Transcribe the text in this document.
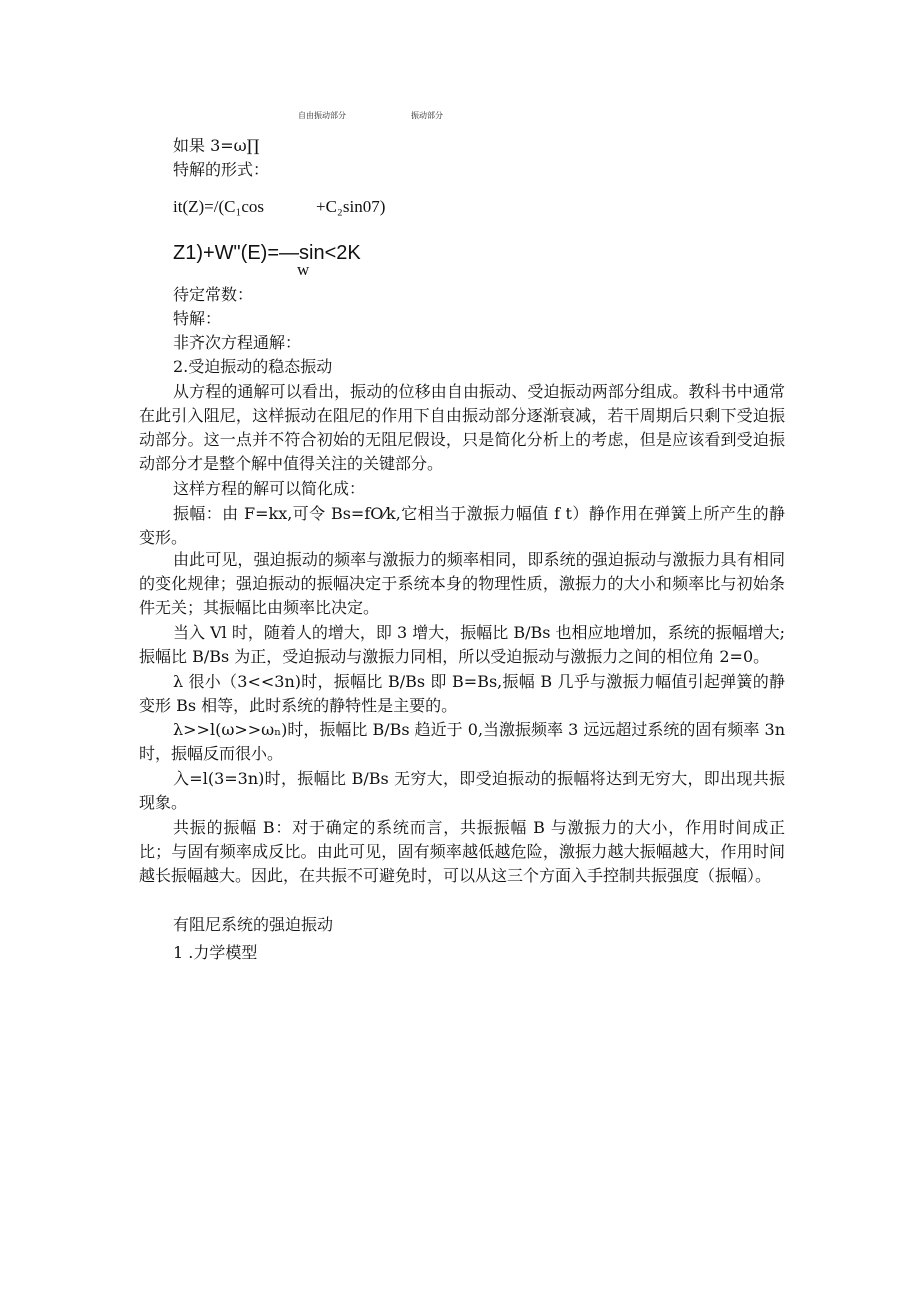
自由振动部分	振动部分
如果 3=ω∏
特解的形式：
it(Z)=/(C₁cos	+C₂sin07)
Z1)+W"(E)=—sin<2K
w
待定常数：
特解：
非齐次方程通解：
2.受迫振动的稳态振动
从方程的通解可以看出，振动的位移由自由振动、受迫振动两部分组成。教科书中通常在此引入阻尼，这样振动在阻尼的作用下自由振动部分逐渐衰减，若干周期后只剩下受迫振动部分。这一点并不符合初始的无阻尼假设，只是简化分析上的考虑，但是应该看到受迫振动部分才是整个解中值得关注的关键部分。
这样方程的解可以简化成：
振幅：由 F=kx,可令 Bs=fO⁄k,它相当于激振力幅值 f t）静作用在弹簧上所产生的静变形。
由此可见，强迫振动的频率与激振力的频率相同，即系统的强迫振动与激振力具有相同的变化规律；强迫振动的振幅决定于系统本身的物理性质，激振力的大小和频率比与初始条件无关；其振幅比由频率比决定。
当入 Vl 时，随着人的增大，即 3 增大，振幅比 B/Bs 也相应地增加，系统的振幅增大; 振幅比 B/Bs 为正，受迫振动与激振力同相，所以受迫振动与激振力之间的相位角 2=0。
λ 很小（3<<3n)时，振幅比 B/Bs 即 B=Bs,振幅 B 几乎与激振力幅值引起弹簧的静变形 Bs 相等，此时系统的静特性是主要的。
λ>>l(ω>>ωₙ)时，振幅比 B/Bs 趋近于 0,当激振频率 3 远远超过系统的固有频率 3n 时，振幅反而很小。
入=l(3=3n)时，振幅比 B/Bs 无穷大，即受迫振动的振幅将达到无穷大，即出现共振现象。
共振的振幅 B：对于确定的系统而言，共振振幅 B 与激振力的大小，作用时间成正比；与固有频率成反比。由此可见，固有频率越低越危险，激振力越大振幅越大，作用时间越长振幅越大。因此，在共振不可避免时，可以从这三个方面入手控制共振强度（振幅）。
有阻尼系统的强迫振动
1 .力学模型
